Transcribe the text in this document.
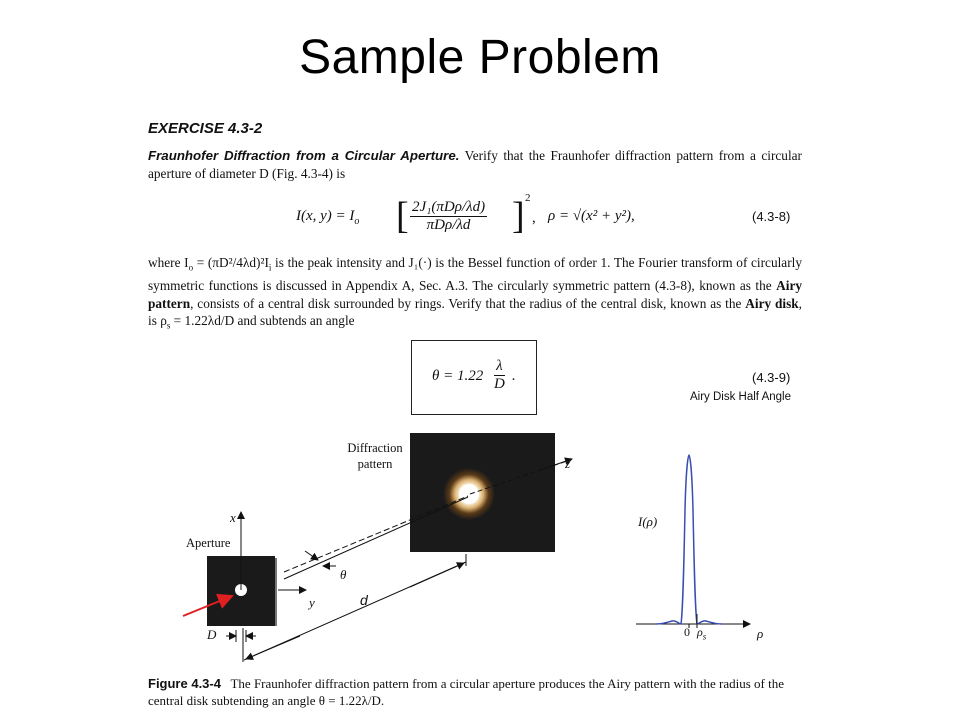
Sample Problem
EXERCISE 4.3-2
Fraunhofer Diffraction from a Circular Aperture. Verify that the Fraunhofer diffraction pattern from a circular aperture of diameter D (Fig. 4.3-4) is
I(x, $y) = I_o$ [ 2J₁(πDρ/λd)
πDρ/λd	] 2
, ρ = √(x² + y²),	(4.3-8)
where $I_o = (\pi D^2/4\lambda d)^2I_i$ is the peak intensity and J₁(·) is the Bessel function of order 1. The Fourier transform of circularly symmetric functions is discussed in Appendix A, Sec. A.3. The circularly symmetric pattern (4.3-8), known as the Airy pattern, consists of a central disk surrounded by rings. Verify that the radius of the central disk, known as the Airy disk, is $\rho_s = 1.22\lambda d/D$ and subtends an angle
$\theta = 1.22 \frac{\lambda}{D}$ .	(4.3-9)
Airy Disk Half Angle
Diffraction
pattern
Aperture
x
y
z
θ
d
D
I(ρ)
ρ
0 $\rho_s$
Figure 4.3-4 The Fraunhofer diffraction pattern from a circular aperture produces the Airy pattern with the radius of the central disk subtending an angle θ = 1.22λ/D.
